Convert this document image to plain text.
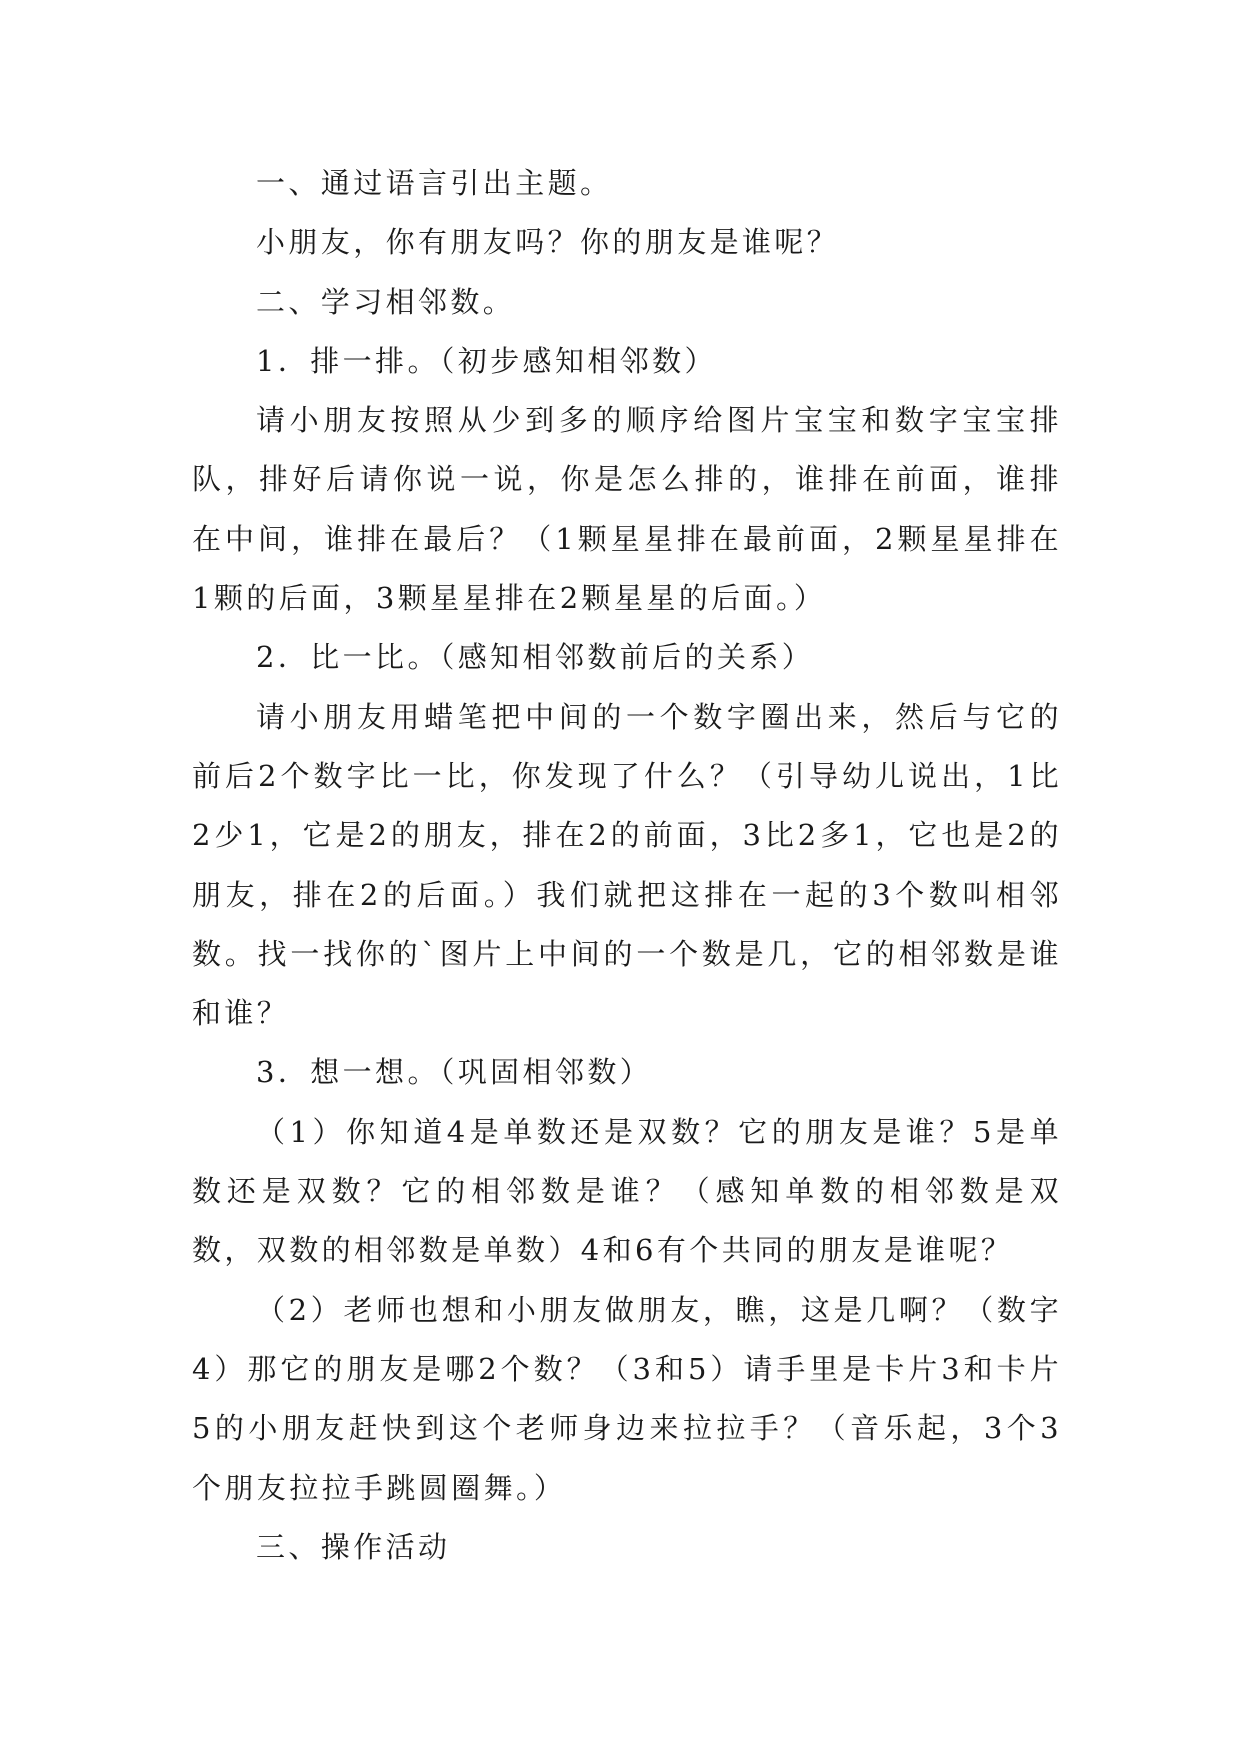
一、通过语言引出主题。

小朋友，你有朋友吗？你的朋友是谁呢？

二、学习相邻数。

1．排一排。（初步感知相邻数）

请小朋友按照从少到多的顺序给图片宝宝和数字宝宝排队，排好后请你说一说，你是怎么排的，谁排在前面，谁排在中间，谁排在最后？（1颗星星排在最前面，2颗星星排在1颗的后面，3颗星星排在2颗星星的后面。）

2．比一比。（感知相邻数前后的关系）

请小朋友用蜡笔把中间的一个数字圈出来，然后与它的前后2个数字比一比，你发现了什么？（引导幼儿说出，1比2少1，它是2的朋友，排在2的前面，3比2多1，它也是2的朋友，排在2的后面。）我们就把这排在一起的3个数叫相邻数。找一找你的`图片上中间的一个数是几，它的相邻数是谁和谁？

3．想一想。（巩固相邻数）

（1）你知道4是单数还是双数？它的朋友是谁？5是单数还是双数？它的相邻数是谁？（感知单数的相邻数是双数，双数的相邻数是单数）4和6有个共同的朋友是谁呢？

（2）老师也想和小朋友做朋友，瞧，这是几啊？（数字4）那它的朋友是哪2个数？（3和5）请手里是卡片3和卡片5的小朋友赶快到这个老师身边来拉拉手？（音乐起，3个3个朋友拉拉手跳圆圈舞。）

三、操作活动
